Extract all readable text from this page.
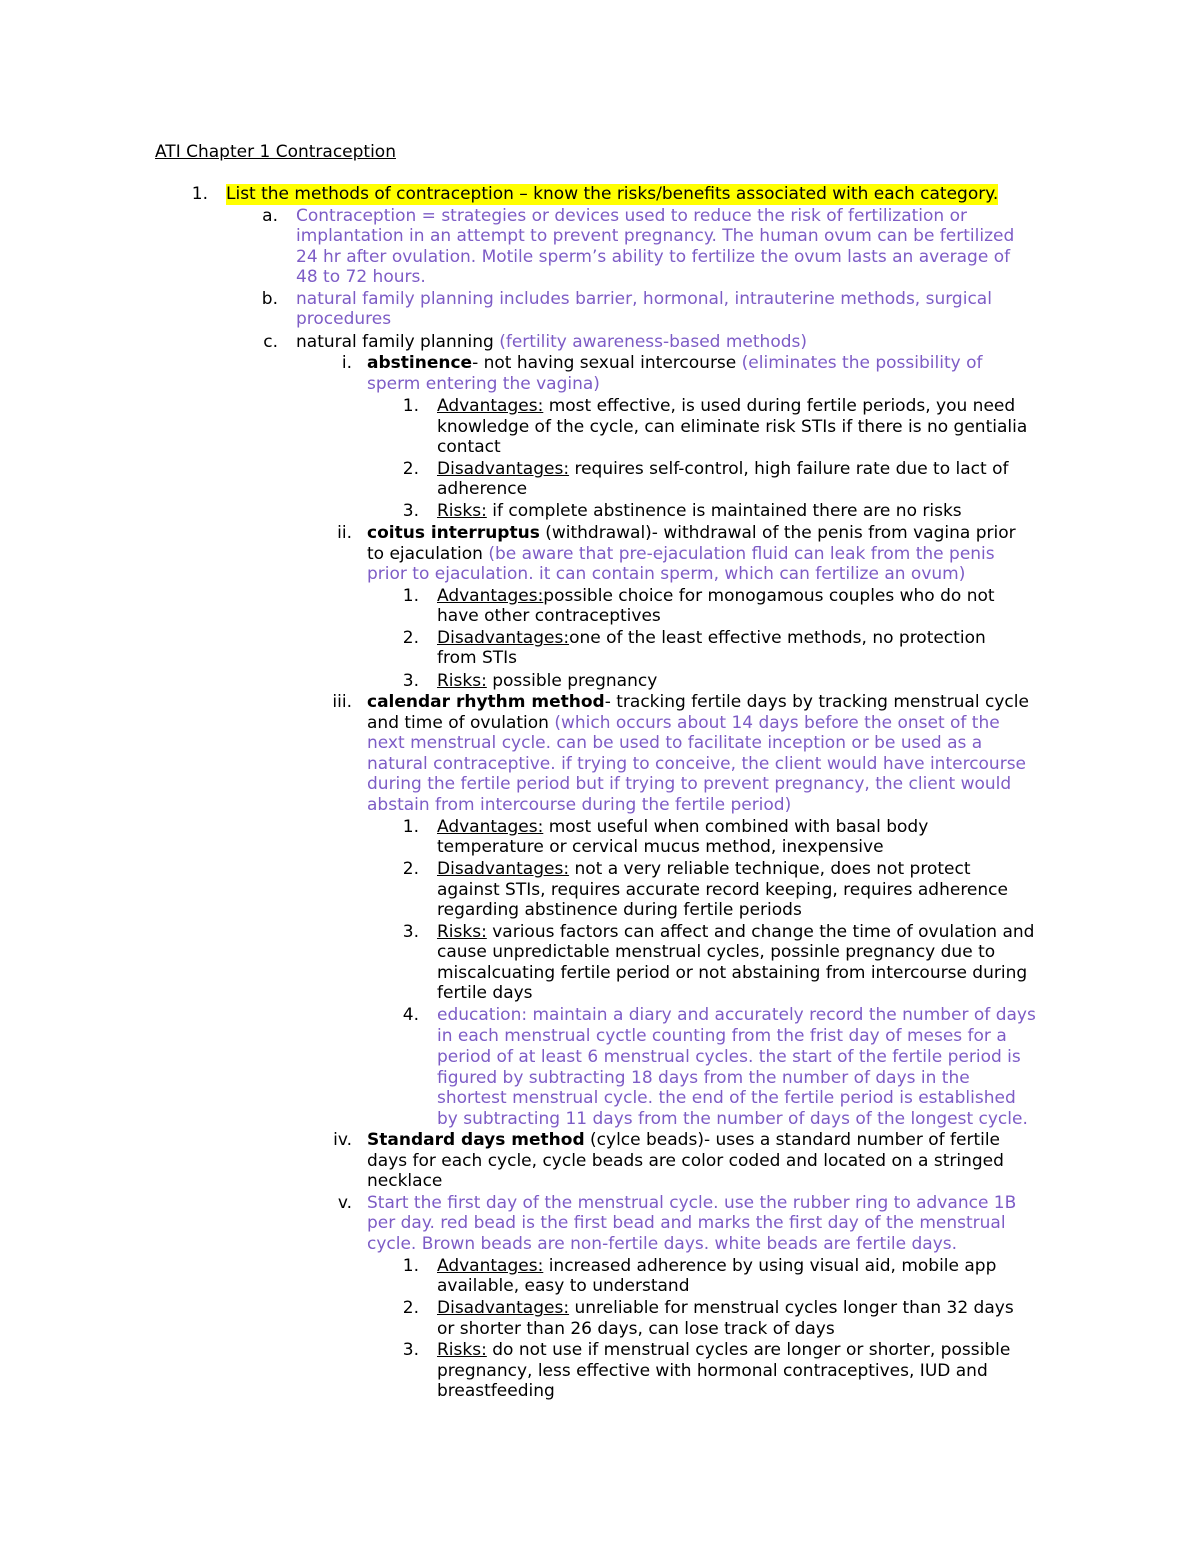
ATI Chapter 1 Contraception
1. List the methods of contraception – know the risks/benefits associated with each category.
a. Contraception = strategies or devices used to reduce the risk of fertilization or
implantation in an attempt to prevent pregnancy. The human ovum can be fertilized
24 hr after ovulation. Motile sperm’s ability to fertilize the ovum lasts an average of
48 to 72 hours.
b. natural family planning includes barrier, hormonal, intrauterine methods, surgical
procedures
c. natural family planning (fertility awareness-based methods)
i. abstinence- not having sexual intercourse (eliminates the possibility of
sperm entering the vagina)
1. Advantages: most effective, is used during fertile periods, you need
knowledge of the cycle, can eliminate risk STIs if there is no gentialia
contact
2. Disadvantages: requires self-control, high failure rate due to lact of
adherence
3. Risks: if complete abstinence is maintained there are no risks
ii. coitus interruptus (withdrawal)- withdrawal of the penis from vagina prior
to ejaculation (be aware that pre-ejaculation fluid can leak from the penis
prior to ejaculation. it can contain sperm, which can fertilize an ovum)
1. Advantages:possible choice for monogamous couples who do not
have other contraceptives
2. Disadvantages:one of the least effective methods, no protection
from STIs
3. Risks: possible pregnancy
iii. calendar rhythm method- tracking fertile days by tracking menstrual cycle
and time of ovulation (which occurs about 14 days before the onset of the
next menstrual cycle. can be used to facilitate inception or be used as a
natural contraceptive. if trying to conceive, the client would have intercourse
during the fertile period but if trying to prevent pregnancy, the client would
abstain from intercourse during the fertile period)
1. Advantages: most useful when combined with basal body
temperature or cervical mucus method, inexpensive
2. Disadvantages: not a very reliable technique, does not protect
against STIs, requires accurate record keeping, requires adherence
regarding abstinence during fertile periods
3. Risks: various factors can affect and change the time of ovulation and
cause unpredictable menstrual cycles, possinle pregnancy due to
miscalcuating fertile period or not abstaining from intercourse during
fertile days
4. education: maintain a diary and accurately record the number of days
in each menstrual cyctle counting from the frist day of meses for a
period of at least 6 menstrual cycles. the start of the fertile period is
figured by subtracting 18 days from the number of days in the
shortest menstrual cycle. the end of the fertile period is established
by subtracting 11 days from the number of days of the longest cycle.
iv. Standard days method (cylce beads)- uses a standard number of fertile
days for each cycle, cycle beads are color coded and located on a stringed
necklace
v. Start the first day of the menstrual cycle. use the rubber ring to advance 1B
per day. red bead is the first bead and marks the first day of the menstrual
cycle. Brown beads are non-fertile days. white beads are fertile days.
1. Advantages: increased adherence by using visual aid, mobile app
available, easy to understand
2. Disadvantages: unreliable for menstrual cycles longer than 32 days
or shorter than 26 days, can lose track of days
3. Risks: do not use if menstrual cycles are longer or shorter, possible
pregnancy, less effective with hormonal contraceptives, IUD and
breastfeeding
